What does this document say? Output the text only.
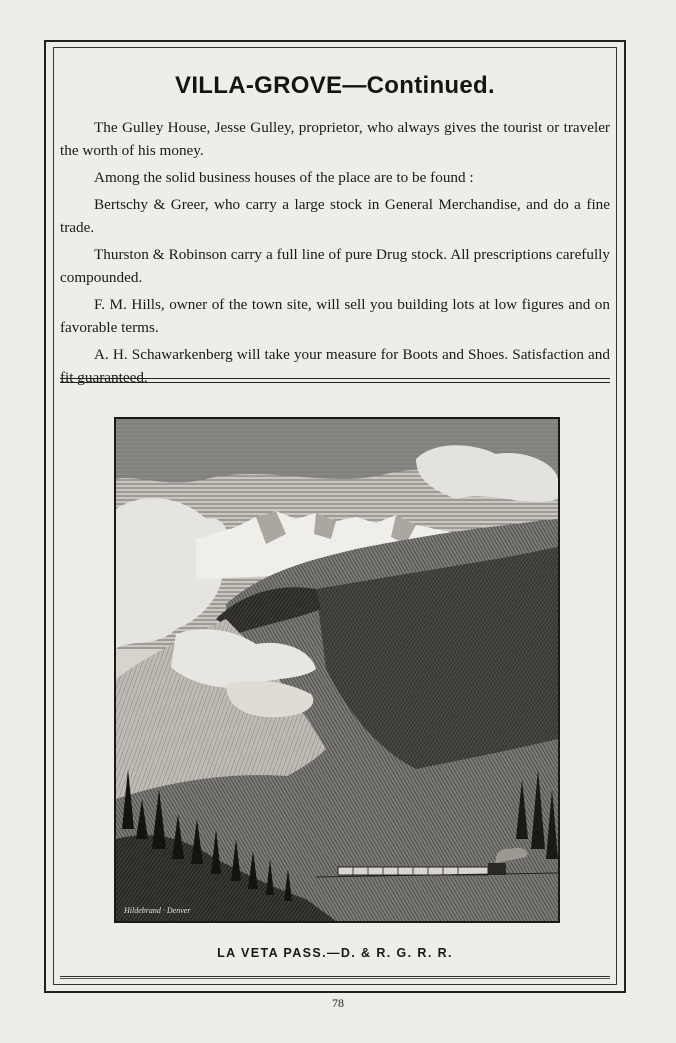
VILLA-GROVE—Continued.

The Gulley House, Jesse Gulley, proprietor, who always gives the tourist or traveler the worth of his money.

Among the solid business houses of the place are to be found :

Bertschy & Greer, who carry a large stock in General Merchandise, and do a fine trade.

Thurston & Robinson carry a full line of pure Drug stock. All prescriptions carefully compounded.

F. M. Hills, owner of the town site, will sell you building lots at low figures and on favorable terms.

A. H. Schawarkenberg will take your measure for Boots and Shoes. Satisfaction and fit guaranteed.

Hildebrand · Denver
LA VETA PASS.—D. & R. G. R. R.
78
